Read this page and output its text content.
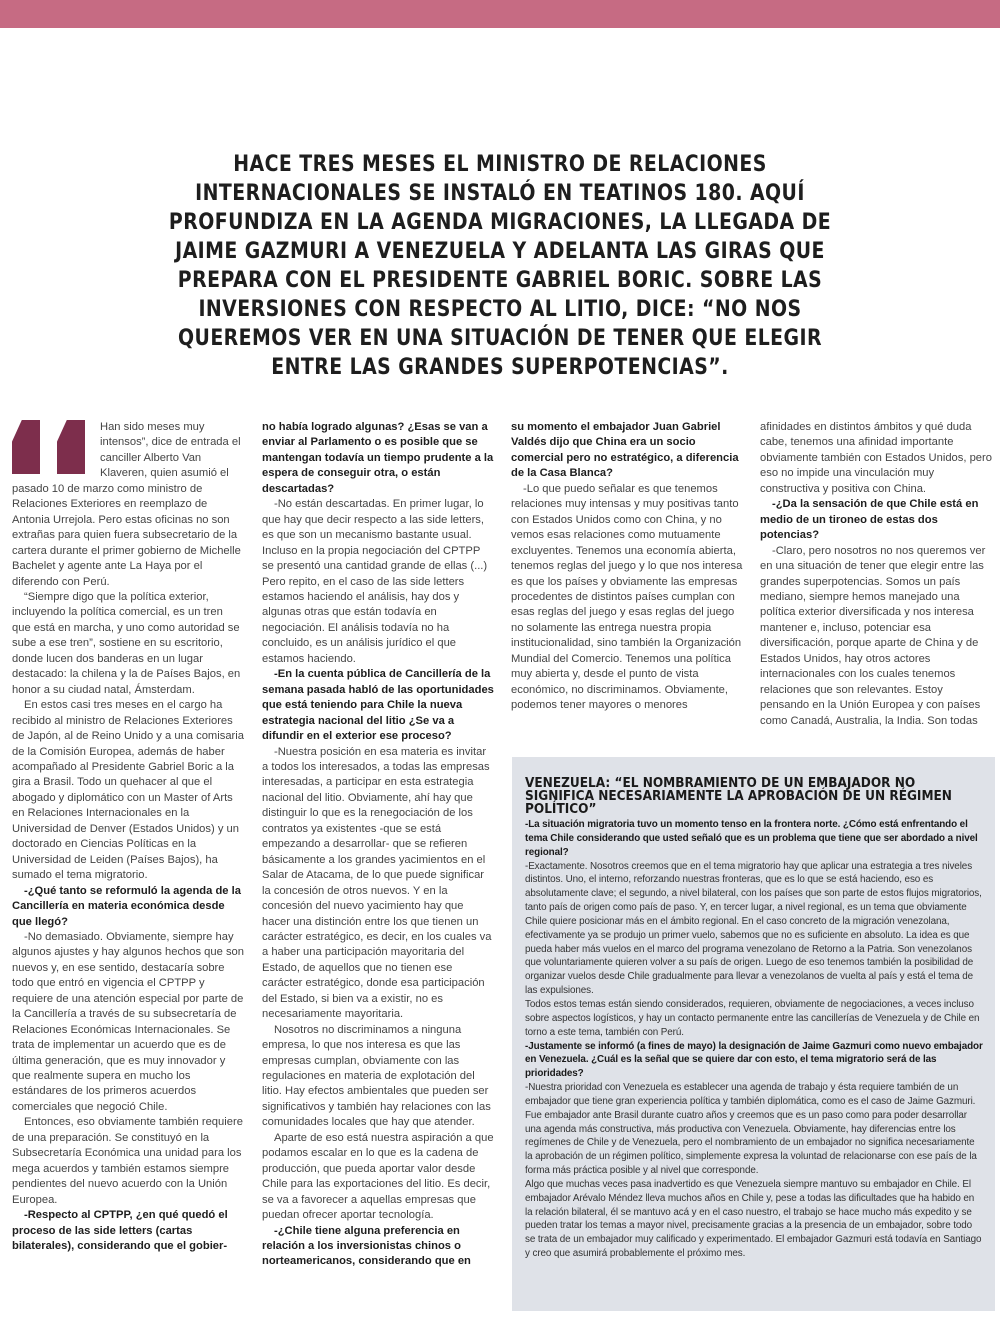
HACE TRES MESES EL MINISTRO DE RELACIONES INTERNACIONALES SE INSTALÓ EN TEATINOS 180. AQUÍ PROFUNDIZA EN LA AGENDA MIGRACIONES, LA LLEGADA DE JAIME GAZMURI A VENEZUELA Y ADELANTA LAS GIRAS QUE PREPARA CON EL PRESIDENTE GABRIEL BORIC. SOBRE LAS INVERSIONES CON RESPECTO AL LITIO, DICE: “NO NOS QUEREMOS VER EN UNA SITUACIÓN DE TENER QUE ELEGIR ENTRE LAS GRANDES SUPERPOTENCIAS”.

Han sido meses muy intensos”, dice de entrada el canciller Alberto Van Klaveren, quien asumió el pasado 10 de marzo como ministro de Relaciones Exteriores en reemplazo de Antonia Urrejola. Pero estas oficinas no son extrañas para quien fuera subsecretario de la cartera durante el primer gobierno de Michelle Bachelet y agente ante La Haya por el diferendo con Perú.

“Siempre digo que la política exterior, incluyendo la política comercial, es un tren que está en marcha, y uno como autoridad se sube a ese tren”, sostiene en su escritorio, donde lucen dos banderas en un lugar destacado: la chilena y la de Países Bajos, en honor a su ciudad natal, Ámsterdam.

En estos casi tres meses en el cargo ha recibido al ministro de Relaciones Exteriores de Japón, al de Reino Unido y a una comisaria de la Comisión Europea, además de haber acompañado al Presidente Gabriel Boric a la gira a Brasil. Todo un quehacer al que el abogado y diplomático con un Master of Arts en Relaciones Internacionales en la Universidad de Denver (Estados Unidos) y un doctorado en Ciencias Políticas en la Universidad de Leiden (Países Bajos), ha sumado el tema migratorio.

-¿Qué tanto se reformuló la agenda de la Cancillería en materia económica desde que llegó?

-No demasiado. Obviamente, siempre hay algunos ajustes y hay algunos hechos que son nuevos y, en ese sentido, destacaría sobre todo que entró en vigencia el CPTPP y requiere de una atención especial por parte de la Cancillería a través de su subsecretaría de Relaciones Económicas Internacionales. Se trata de implementar un acuerdo que es de última generación, que es muy innovador y que realmente supera en mucho los estándares de los primeros acuerdos comerciales que negoció Chile.

Entonces, eso obviamente también requiere de una preparación. Se constituyó en la Subsecretaría Económica una unidad para los mega acuerdos y también estamos siempre pendientes del nuevo acuerdo con la Unión Europea.

-Respecto al CPTPP, ¿en qué quedó el proceso de las side letters (cartas bilaterales), considerando que el gobier-

no había logrado algunas? ¿Esas se van a enviar al Parlamento o es posible que se mantengan todavía un tiempo prudente a la espera de conseguir otra, o están descartadas?

-No están descartadas. En primer lugar, lo que hay que decir respecto a las side letters, es que son un mecanismo bastante usual. Incluso en la propia negociación del CPTPP se presentó una cantidad grande de ellas (...) Pero repito, en el caso de las side letters estamos haciendo el análisis, hay dos y algunas otras que están todavía en negociación. El análisis todavía no ha concluido, es un análisis jurídico el que estamos haciendo.

-En la cuenta pública de Cancillería de la semana pasada habló de las oportunidades que está teniendo para Chile la nueva estrategia nacional del litio ¿Se va a difundir en el exterior ese proceso?

-Nuestra posición en esa materia es invitar a todos los interesados, a todas las empresas interesadas, a participar en esta estrategia nacional del litio. Obviamente, ahí hay que distinguir lo que es la renegociación de los contratos ya existentes -que se está empezando a desarrollar- que se refieren básicamente a los grandes yacimientos en el Salar de Atacama, de lo que puede significar la concesión de otros nuevos. Y en la concesión del nuevo yacimiento hay que hacer una distinción entre los que tienen un carácter estratégico, es decir, en los cuales va a haber una participación mayoritaria del Estado, de aquellos que no tienen ese carácter estratégico, donde esa participación del Estado, si bien va a existir, no es necesariamente mayoritaria.

Nosotros no discriminamos a ninguna empresa, lo que nos interesa es que las empresas cumplan, obviamente con las regulaciones en materia de explotación del litio. Hay efectos ambientales que pueden ser significativos y también hay relaciones con las comunidades locales que hay que atender.

Aparte de eso está nuestra aspiración a que podamos escalar en lo que es la cadena de producción, que pueda aportar valor desde Chile para las exportaciones del litio. Es decir, se va a favorecer a aquellas empresas que puedan ofrecer aportar tecnología.

-¿Chile tiene alguna preferencia en relación a los inversionistas chinos o norteamericanos, considerando que en

su momento el embajador Juan Gabriel Valdés dijo que China era un socio comercial pero no estratégico, a diferencia de la Casa Blanca?

-Lo que puedo señalar es que tenemos relaciones muy intensas y muy positivas tanto con Estados Unidos como con China, y no vemos esas relaciones como mutuamente excluyentes. Tenemos una economía abierta, tenemos reglas del juego y lo que nos interesa es que los países y obviamente las empresas procedentes de distintos países cumplan con esas reglas del juego y esas reglas del juego no solamente las entrega nuestra propia institucionalidad, sino también la Organización Mundial del Comercio. Tenemos una política muy abierta y, desde el punto de vista económico, no discriminamos. Obviamente, podemos tener mayores o menores

afinidades en distintos ámbitos y qué duda cabe, tenemos una afinidad importante obviamente también con Estados Unidos, pero eso no impide una vinculación muy constructiva y positiva con China.

-¿Da la sensación de que Chile está en medio de un tironeo de estas dos potencias?

-Claro, pero nosotros no nos queremos ver en una situación de tener que elegir entre las grandes superpotencias. Somos un país mediano, siempre hemos manejado una política exterior diversificada y nos interesa mantener e, incluso, potenciar esa diversificación, porque aparte de China y de Estados Unidos, hay otros actores internacionales con los cuales tenemos relaciones que son relevantes. Estoy pensando en la Unión Europea y con países como Canadá, Australia, la India. Son todas

VENEZUELA: “EL NOMBRAMIENTO DE UN EMBAJADOR NO SIGNIFICA NECESARIAMENTE LA APROBACIÓN DE UN RÉGIMEN POLÍTICO”

-La situación migratoria tuvo un momento tenso en la frontera norte. ¿Cómo está enfrentando el tema Chile considerando que usted señaló que es un problema que tiene que ser abordado a nivel regional?

-Exactamente. Nosotros creemos que en el tema migratorio hay que aplicar una estrategia a tres niveles distintos. Uno, el interno, reforzando nuestras fronteras, que es lo que se está haciendo, eso es absolutamente clave; el segundo, a nivel bilateral, con los países que son parte de estos flujos migratorios, tanto país de origen como país de paso. Y, en tercer lugar, a nivel regional, es un tema que obviamente Chile quiere posicionar más en el ámbito regional. En el caso concreto de la migración venezolana, efectivamente ya se produjo un primer vuelo, sabemos que no es suficiente en absoluto. La idea es que pueda haber más vuelos en el marco del programa venezolano de Retorno a la Patria. Son venezolanos que voluntariamente quieren volver a su país de origen. Luego de eso tenemos también la posibilidad de organizar vuelos desde Chile gradualmente para llevar a venezolanos de vuelta al país y está el tema de las expulsiones.

Todos estos temas están siendo considerados, requieren, obviamente de negociaciones, a veces incluso sobre aspectos logísticos, y hay un contacto permanente entre las cancillerías de Venezuela y de Chile en torno a este tema, también con Perú.

-Justamente se informó (a fines de mayo) la designación de Jaime Gazmuri como nuevo embajador en Venezuela. ¿Cuál es la señal que se quiere dar con esto, el tema migratorio será de las prioridades?

-Nuestra prioridad con Venezuela es establecer una agenda de trabajo y ésta requiere también de un embajador que tiene gran experiencia política y también diplomática, como es el caso de Jaime Gazmuri. Fue embajador ante Brasil durante cuatro años y creemos que es un paso como para poder desarrollar una agenda más constructiva, más productiva con Venezuela. Obviamente, hay diferencias entre los regímenes de Chile y de Venezuela, pero el nombramiento de un embajador no significa necesariamente la aprobación de un régimen político, simplemente expresa la voluntad de relacionarse con ese país de la forma más práctica posible y al nivel que corresponde.

Algo que muchas veces pasa inadvertido es que Venezuela siempre mantuvo su embajador en Chile. El embajador Arévalo Méndez lleva muchos años en Chile y, pese a todas las dificultades que ha habido en la relación bilateral, él se mantuvo acá y en el caso nuestro, el trabajo se hace mucho más expedito y se pueden tratar los temas a mayor nivel, precisamente gracias a la presencia de un embajador, sobre todo se trata de un embajador muy calificado y experimentado. El embajador Gazmuri está todavía en Santiago y creo que asumirá probablemente el próximo mes.
